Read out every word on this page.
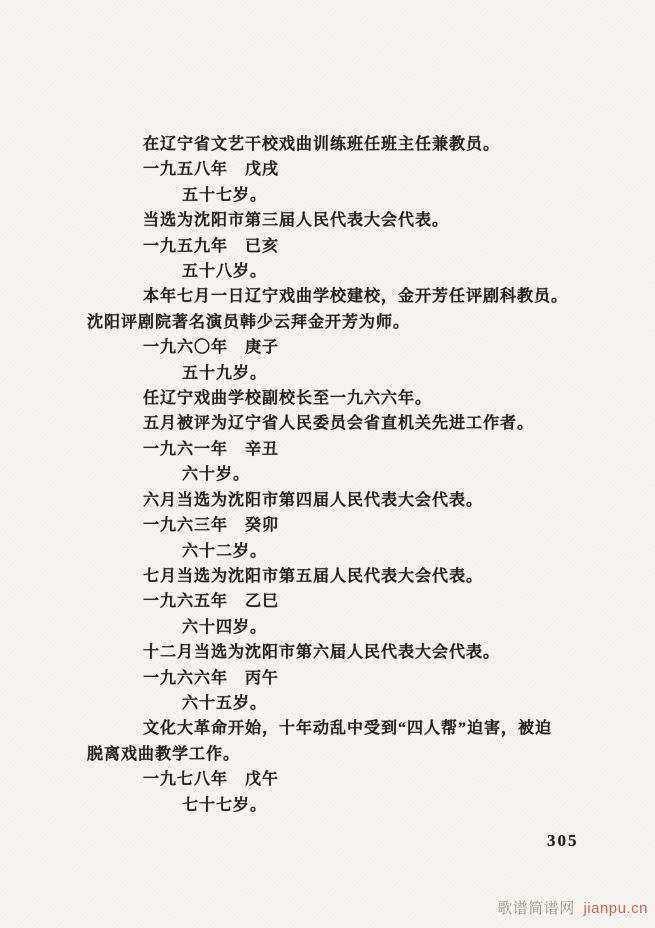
在辽宁省文艺干校戏曲训练班任班主任兼教员。
一九五八年　戊戌
五十七岁。
当选为沈阳市第三届人民代表大会代表。
一九五九年　已亥
五十八岁。
本年七月一日辽宁戏曲学校建校，金开芳任评剧科教员。
沈阳评剧院著名演员韩少云拜金开芳为师。
一九六〇年　庚子
五十九岁。
任辽宁戏曲学校副校长至一九六六年。
五月被评为辽宁省人民委员会省直机关先进工作者。
一九六一年　辛丑
六十岁。
六月当选为沈阳市第四届人民代表大会代表。
一九六三年　癸卯
六十二岁。
七月当选为沈阳市第五届人民代表大会代表。
一九六五年　乙巳
六十四岁。
十二月当选为沈阳市第六届人民代表大会代表。
一九六六年　丙午
六十五岁。
文化大革命开始，十年动乱中受到“四人帮”迫害，被迫
脱离戏曲教学工作。
一九七八年　戊午
七十七岁。
305
歌谱简谱网 jianpu.cn
